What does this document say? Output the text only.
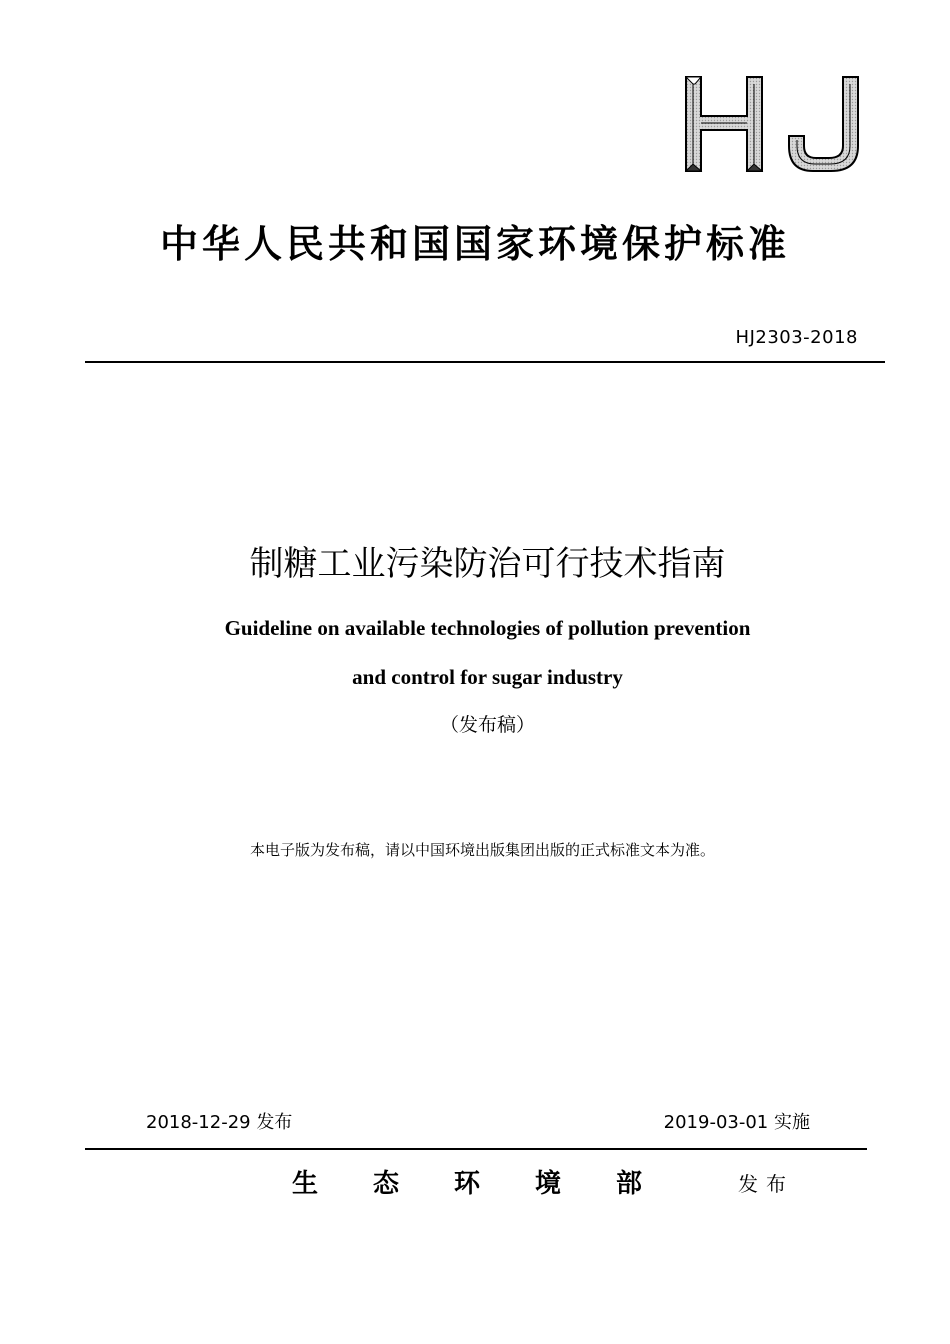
中华人民共和国国家环境保护标准
HJ2303-2018
制糖工业污染防治可行技术指南
Guideline on available technologies of pollution prevention
and control for sugar industry
（发布稿）
本电子版为发布稿，请以中国环境出版集团出版的正式标准文本为准。
2018-12-29 发布	2019-03-01 实施
生态环境部 发布
